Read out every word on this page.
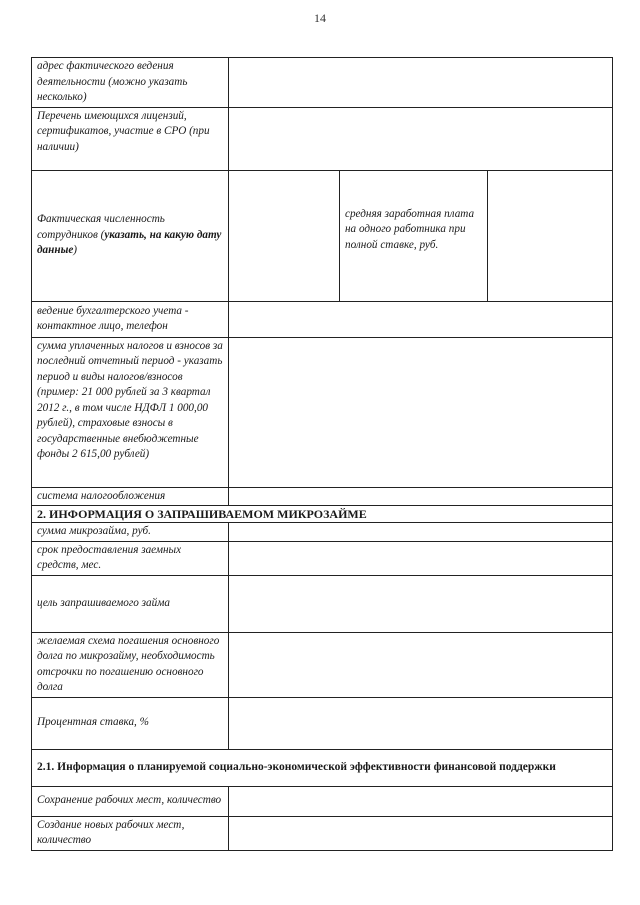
14
адрес фактического ведения деятельности (можно указать несколько)			
Перечень имеющихся лицензий, сертификатов, участие в СРО (при наличии)			
Фактическая численность сотрудников (указать, на какую дату данные)		средняя заработная плата на одного работника при полной ставке, руб.	
ведение бухгалтерского учета - контактное лицо, телефон			
сумма уплаченных налогов и взносов за последний отчетный период - указать период и виды налогов/взносов (пример: 21 000 рублей за 3 квартал 2012 г., в том числе НДФЛ 1 000,00 рублей), страховые взносы в государственные внебюджетные фонды 2 615,00 рублей)			
система налогообложения			
2. ИНФОРМАЦИЯ О ЗАПРАШИВАЕМОМ МИКРОЗАЙМЕ			
сумма микрозайма, руб.			
срок предоставления заемных средств, мес.			
цель запрашиваемого займа			
желаемая схема погашения основного долга по микрозайму, необходимость отсрочки по погашению основного долга			
Процентная ставка, %			
2.1. Информация о планируемой социально-экономической эффективности финансовой поддержки			
Сохранение рабочих мест, количество			
Создание новых рабочих мест, количество			
